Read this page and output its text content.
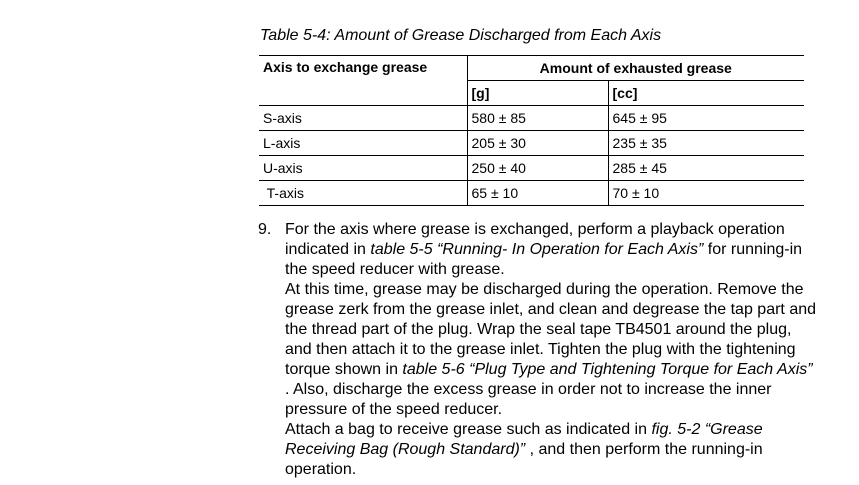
Table 5-4: Amount of Grease Discharged from Each Axis
Axis to exchange grease	Amount of exhausted grease	
	[g]	[cc]
S-axis	580 ± 85	645 ± 95
L-axis	205 ± 30	235 ± 35
U-axis	250 ± 40	285 ± 45
T-axis	65 ± 10	70 ± 10
9. For the axis where grease is exchanged, perform a playback operation indicated in table 5-5 “Running- In Operation for Each Axis” for running-in the speed reducer with grease.

At this time, grease may be discharged during the operation. Remove the grease zerk from the grease inlet, and clean and degrease the tap part and the thread part of the plug. Wrap the seal tape TB4501 around the plug, and then attach it to the grease inlet. Tighten the plug with the tightening torque shown in table 5-6 “Plug Type and Tightening Torque for Each Axis” . Also, discharge the excess grease in order not to increase the inner pressure of the speed reducer.

Attach a bag to receive grease such as indicated in fig. 5-2 “Grease Receiving Bag (Rough Standard)” , and then perform the running-in operation.
